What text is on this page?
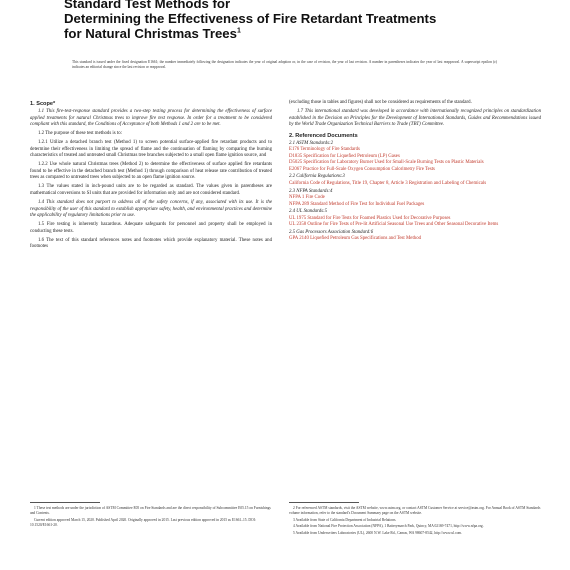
Standard Test Methods for

Determining the Effectiveness of Fire Retardant Treatments

for Natural Christmas Trees$^1$

This standard is issued under the fixed designation E1661; the number immediately following the designation indicates the year of original adoption or, in the case of revision, the year of last revision. A number in parentheses indicates the year of last reapproval. A superscript epsilon (ε) indicates an editorial change since the last revision or reapproval.

1. Scope*

1.1 This fire-test-response standard provides a two-step testing process for determining the effectiveness of surface applied treatments for natural Christmas trees to improve fire test response. In order for a treatment to be considered compliant with this standard, the Conditions of Acceptance of both Methods 1 and 2 are to be met.

1.2 The purpose of these test methods is to:

1.2.1 Utilize a detached branch test (Method 1) to screen potential surface-applied fire retardant products and to determine their effectiveness in limiting the spread of flame and the continuation of flaming by comparing the burning characteristics of treated and untreated small Christmas tree branches subjected to a small open flame ignition source, and

1.2.2 Use whole natural Christmas trees (Method 2) to determine the effectiveness of surface applied fire retardants found to be effective in the detached branch test (Method 1) through comparison of heat release rate contribution of treated trees as compared to untreated trees when subjected to an open flame ignition source.

1.3 The values stated in inch-pound units are to be regarded as standard. The values given in parentheses are mathematical conversions to SI units that are provided for information only and are not considered standard.

1.4 This standard does not purport to address all of the safety concerns, if any, associated with its use. It is the responsibility of the user of this standard to establish appropriate safety, health, and environmental practices and determine the applicability of regulatory limitations prior to use.

1.5 Fire testing is inherently hazardous. Adequate safeguards for personnel and property shall be employed in conducting these tests.

1.6 The text of this standard references notes and footnotes which provide explanatory material. These notes and footnotes

(excluding those in tables and figures) shall not be considered as requirements of the standard.

1.7 This international standard was developed in accordance with internationally recognized principles on standardization established in the Decision on Principles for the Development of International Standards, Guides and Recommendations issued by the World Trade Organization Technical Barriers to Trade (TBT) Committee.

2. Referenced Documents

2.1 ASTM Standards:2

E176 Terminology of Fire Standards

D1835 Specification for Liquefied Petroleum (LP) Gases

D5025 Specification for Laboratory Burner Used for Small-Scale Burning Tests on Plastic Materials

E2067 Practice for Full-Scale Oxygen Consumption Calorimetry Fire Tests

2.2 California Regulations:3

California Code of Regulations, Title 19, Chapter 8, Article 3 Registration and Labeling of Chemicals

2.3 NFPA Standards:4

NFPA 1 Fire Code

NFPA 289 Standard Method of Fire Test for Individual Fuel Packages

2.4 UL Standards:5

UL 1975 Standard for Fire Tests for Foamed Plastics Used for Decorative Purposes

UL 2358 Outline for Fire Tests of Pre-lit Artificial Seasonal Use Trees and Other Seasonal Decorative Items

2.5 Gas Processors Association Standard:6

GPA 2140 Liquefied Petroleum Gas Specifications and Test Method

1 These test methods are under the jurisdiction of ASTM Committee E05 on Fire Standards and are the direct responsibility of Subcommittee E05.15 on Furnishings and Contents.

Current edition approved March 15, 2020. Published April 2020. Originally approved in 2015. Last previous edition approved in 2015 as E1661–15. DOI: 10.1520/E1661-20.

2 For referenced ASTM standards, visit the ASTM website, www.astm.org, or contact ASTM Customer Service at service@astm.org. For Annual Book of ASTM Standards volume information, refer to the standard's Document Summary page on the ASTM website.

3 Available from State of California Department of Industrial Relations.

4 Available from National Fire Protection Association (NFPA), 1 Batterymarch Park, Quincy, MA 02169-7471, http://www.nfpa.org.

5 Available from Underwriters Laboratories (UL), 2600 N.W. Lake Rd., Camas, WA 98607-8542, http://www.ul.com.
